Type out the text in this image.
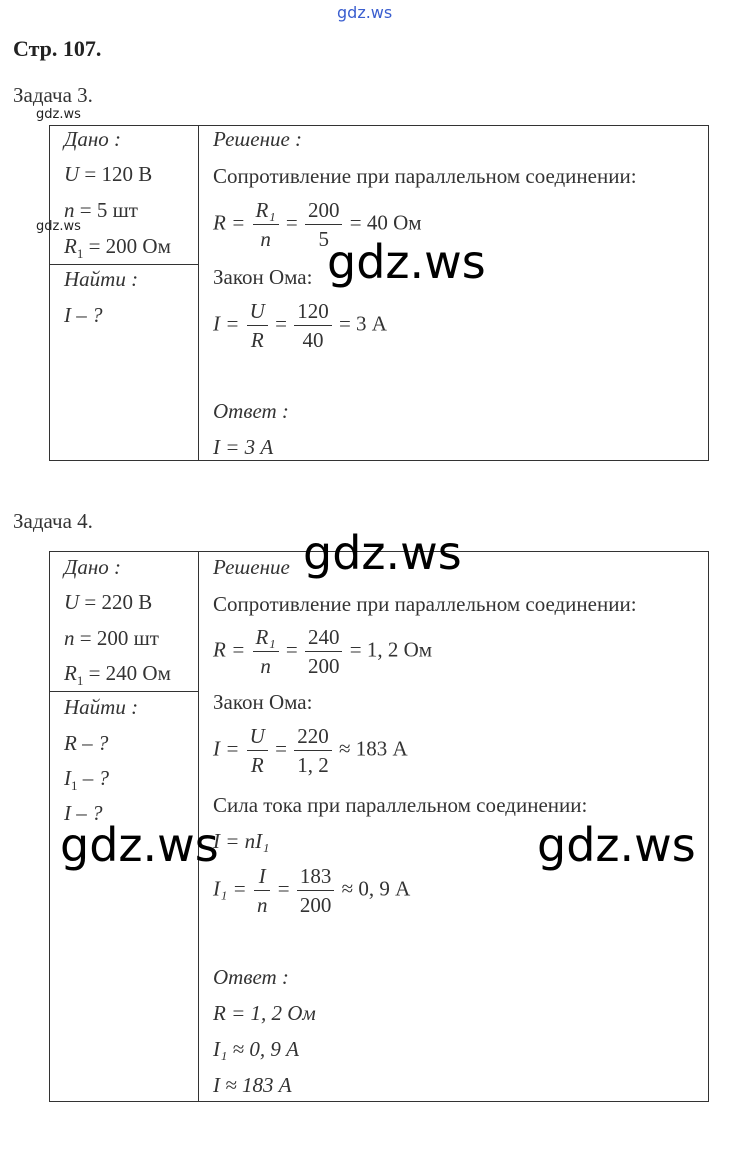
gdz.ws
gdz.ws
gdz.ws
Стр. 107.
Задача 3.
Дано :
U = 120 В
n = 5 шт
$R_1 = 200$ Ом
Найти :
I – ?
Решение :
Сопротивление при параллельном соединении:
$R = \frac{\text{R₁}}{n} = \frac{200}{5} = 40$ Ом
Закон Ома:
$I = \frac{U}{R} = \frac{120}{40} = 3$ А
Ответ :
I = 3 А
gdz.ws
Задача 4.
Дано :
U = 220 В
n = 200 шт
$R_1 = 240$ Ом
Найти :
R – ?
$I_1$ – ?
I – ?
Решение
Сопротивление при параллельном соединении:
$R = \frac{\text{R₁}}{n} = \frac{240}{200} = 1$, 2 Ом
Закон Ома:
$I = \frac{U}{R} = \frac{220}{1, 2} \approx 183$ А
Сила тока при параллельном соединении:
I = nI₁
$I_1 = \frac{I}{n} = \frac{183}{200} \approx 0$, 9 А
Ответ :
R = 1, 2 Ом
I₁ ≈ 0, 9 А
I ≈ 183 А
gdz.ws
gdz.ws	gdz.ws
